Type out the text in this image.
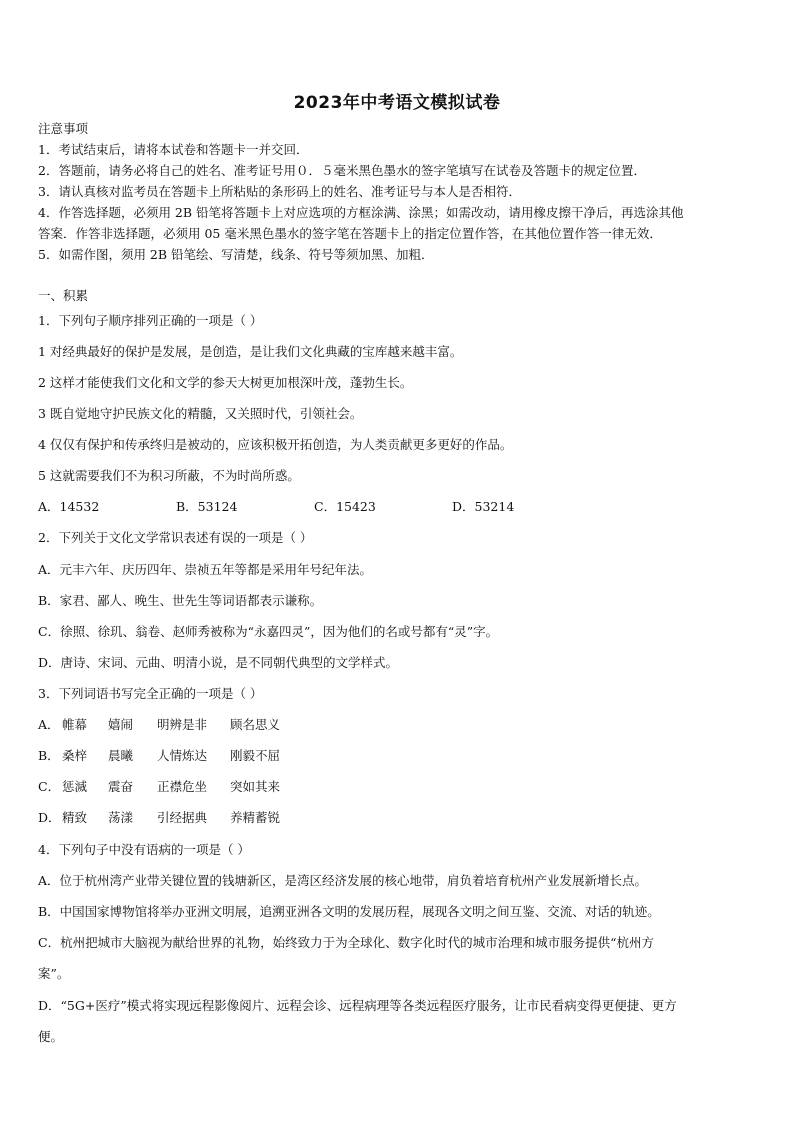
2023年中考语文模拟试卷
注意事项
1．考试结束后，请将本试卷和答题卡一并交回．
2．答题前，请务必将自己的姓名、准考证号用０．５毫米黑色墨水的签字笔填写在试卷及答题卡的规定位置．
3．请认真核对监考员在答题卡上所粘贴的条形码上的姓名、准考证号与本人是否相符．
4．作答选择题，必须用 2B 铅笔将答题卡上对应选项的方框涂满、涂黑；如需改动，请用橡皮擦干净后，再选涂其他
答案．作答非选择题，必须用 05 毫米黑色墨水的签字笔在答题卡上的指定位置作答，在其他位置作答一律无效．
5．如需作图，须用 2B 铅笔绘、写清楚，线条、符号等须加黑、加粗．
一、积累
1．下列句子顺序排列正确的一项是（ ）
1 对经典最好的保护是发展，是创造，是让我们文化典藏的宝库越来越丰富。
2 这样才能使我们文化和文学的参天大树更加根深叶茂，蓬勃生长。
3 既自觉地守护民族文化的精髓，又关照时代，引领社会。
4 仅仅有保护和传承终归是被动的，应该积极开拓创造，为人类贡献更多更好的作品。
5 这就需要我们不为积习所蔽，不为时尚所惑。
A．14532	B．53124	C．15423	D．53214
2．下列关于文化文学常识表述有误的一项是（ ）
A．元丰六年、庆历四年、崇祯五年等都是采用年号纪年法。
B．家君、鄙人、晚生、世先生等词语都表示谦称。
C．徐照、徐玑、翁卷、赵师秀被称为“永嘉四灵”，因为他们的名或号都有“灵”字。
D．唐诗、宋词、元曲、明清小说，是不同朝代典型的文学样式。
3．下列词语书写完全正确的一项是（ ）
A． 帷幕 嬉闹 明辨是非 顾名思义
B． 桑梓 晨曦 人情炼达 刚毅不屈
C． 惩滅 震奋 正襟危坐 突如其来
D． 精致 荡漾 引经据典 养精蓄锐
4．下列句子中没有语病的一项是（ ）
A．位于杭州湾产业带关键位置的钱塘新区，是湾区经济发展的核心地带，肩负着培育杭州产业发展新增长点。
B．中国国家博物馆将举办亚洲文明展，追溯亚洲各文明的发展历程，展现各文明之间互鉴、交流、对话的轨迹。
C．杭州把城市大脑视为献给世界的礼物，始终致力于为全球化、数字化时代的城市治理和城市服务提供“杭州方
案”。
D．“5G+医疗”模式将实现远程影像阅片、远程会诊、远程病理等各类远程医疗服务，让市民看病变得更便捷、更方
便。
